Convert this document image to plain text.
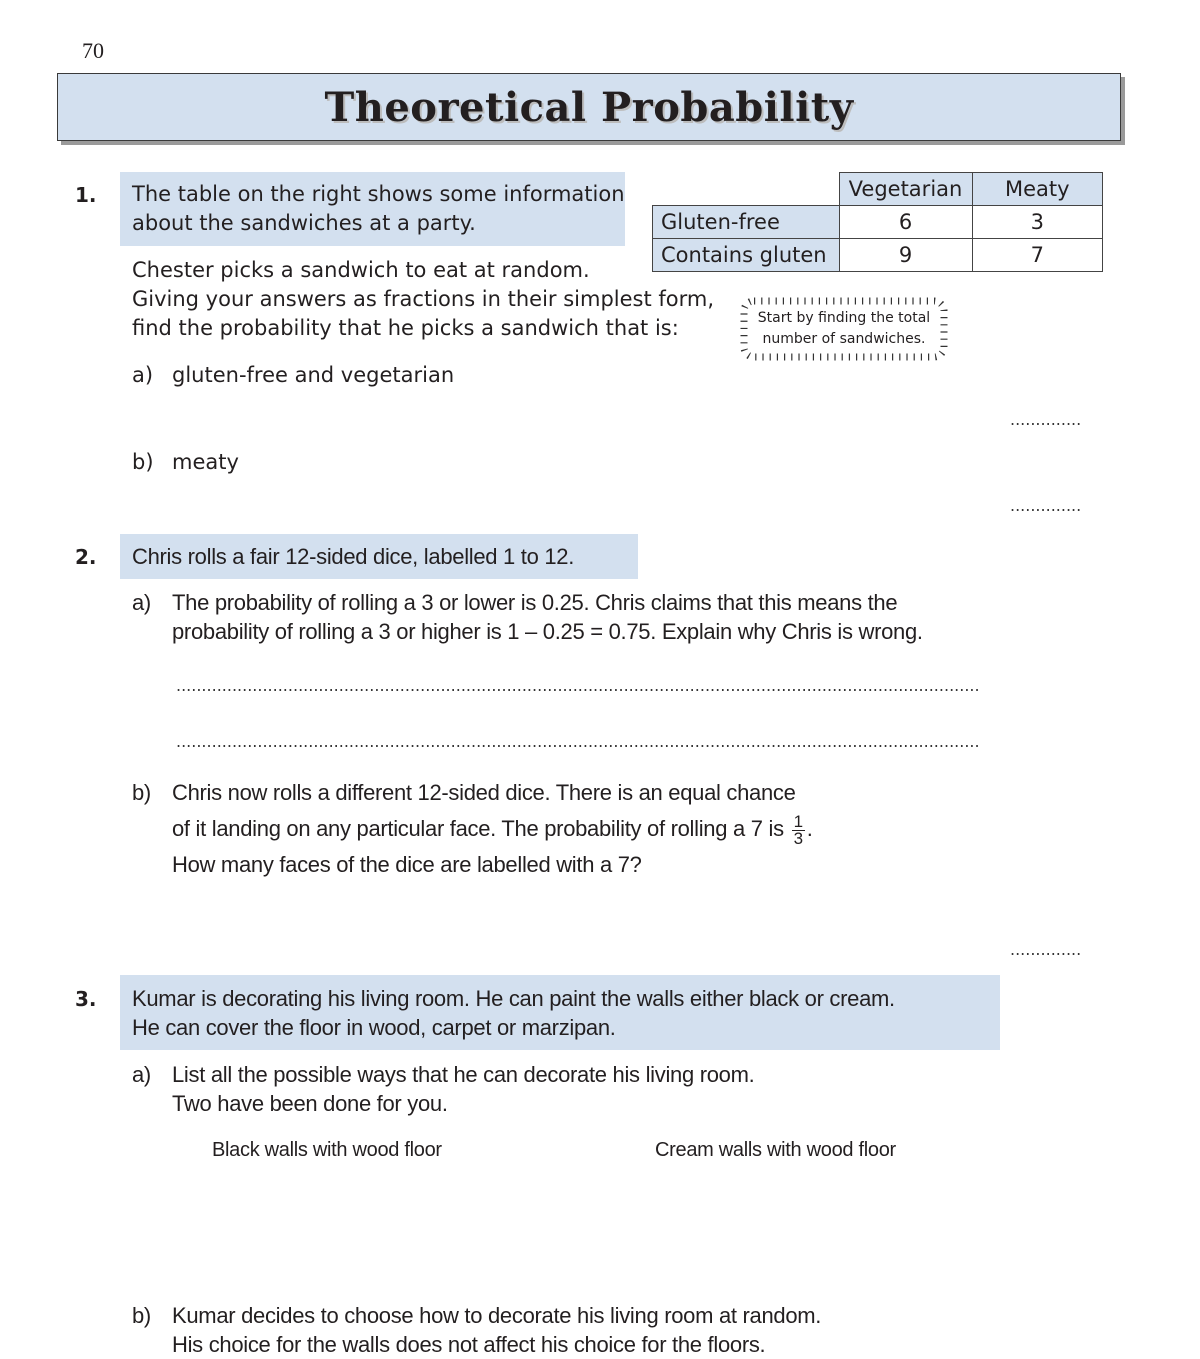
70
Theoretical Probability
1. The table on the right shows some information
about the sandwiches at a party.
Chester picks a sandwich to eat at random.
Giving your answers as fractions in their simplest form,
find the probability that he picks a sandwich that is:
	Vegetarian	Meaty
Gluten-free	6	3
Contains gluten	9	7
Start by finding the total
number of sandwiches.
a) gluten-free and vegetarian
..............
b) meaty
..............
2.	Chris rolls a fair 12-sided dice, labelled 1 to 12.
a) The probability of rolling a 3 or lower is 0.25. Chris claims that this means the
probability of rolling a 3 or higher is 1 – 0.25 = 0.75. Explain why Chris is wrong.
..............................................................................................................................................................
..............................................................................................................................................................
b) Chris now rolls a different 12-sided dice. There is an equal chance
of it landing on any particular face. The probability of rolling a 7 is $\frac{1}{3}$ .
How many faces of the dice are labelled with a 7?
..............
3. Kumar is decorating his living room. He can paint the walls either black or cream.
He can cover the floor in wood, carpet or marzipan.
a) List all the possible ways that he can decorate his living room.
Two have been done for you.
Black walls with wood floor	Cream walls with wood floor
b) Kumar decides to choose how to decorate his living room at random.
His choice for the walls does not affect his choice for the floors.
